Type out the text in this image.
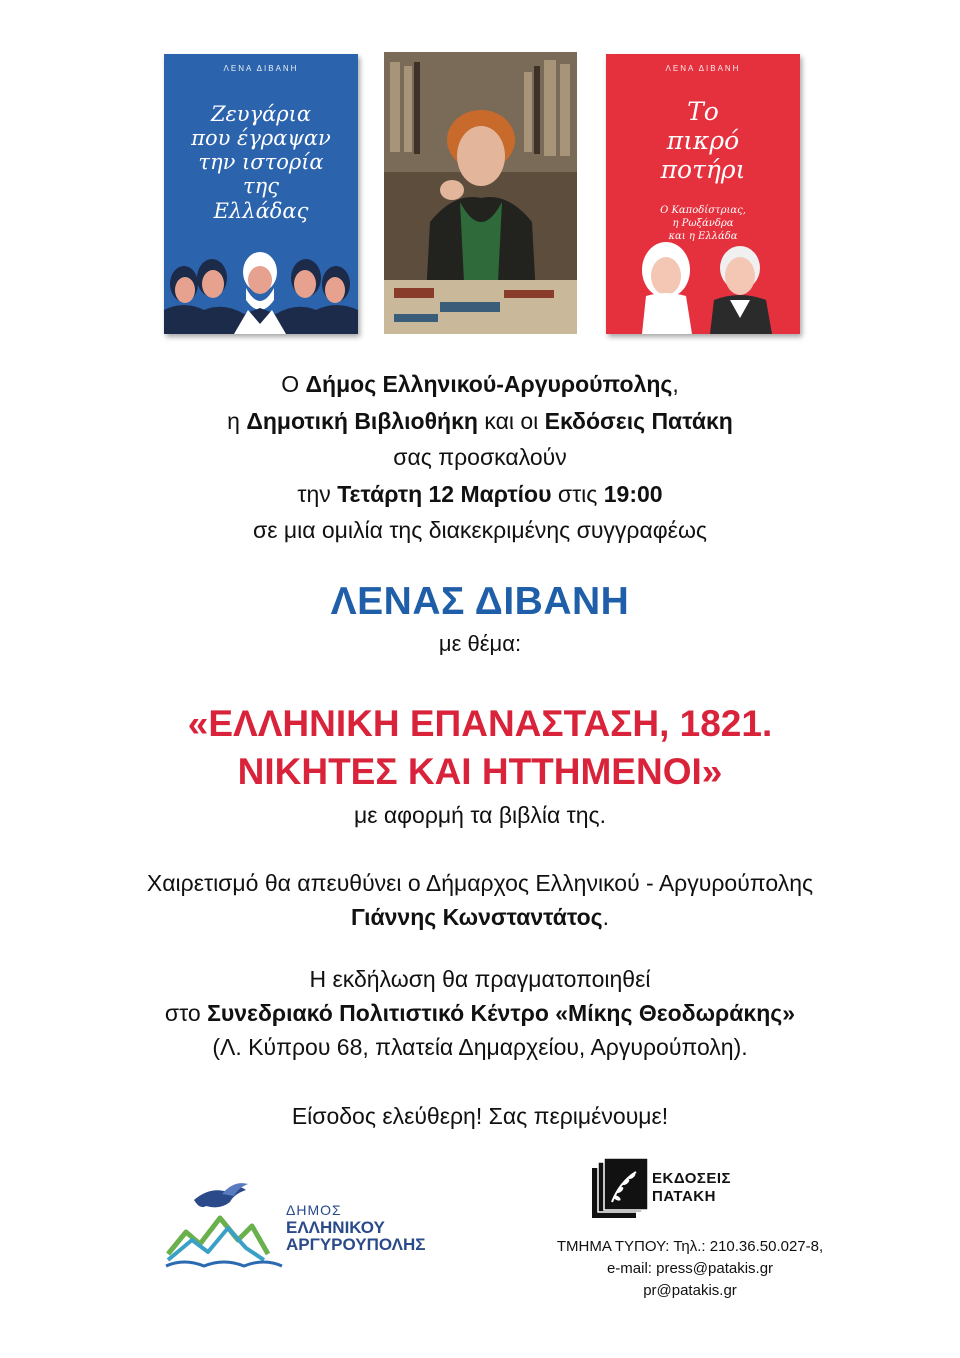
ΛΕΝΑ ΔΙΒΑΝΗ
Ζευγάρια
που έγραψαν
την ιστορία
της
Ελλάδας
ΛΕΝΑ ΔΙΒΑΝΗ
Το
πικρό
ποτήρι
Ο Καποδίστριας,
η Ρωξάνδρα
και η Ελλάδα
Ο Δήμος Ελληνικού-Αργυρούπολης,
η Δημοτική Βιβλιοθήκη και οι Εκδόσεις Πατάκη
σας προσκαλούν
την Τετάρτη 12 Μαρτίου στις 19:00
σε μια ομιλία της διακεκριμένης συγγραφέως
ΛΕΝΑΣ ΔΙΒΑΝΗ
με θέμα:
«ΕΛΛΗΝΙΚΗ ΕΠΑΝΑΣΤΑΣΗ, 1821.
ΝΙΚΗΤΕΣ ΚΑΙ ΗΤΤΗΜΕΝΟΙ»
με αφορμή τα βιβλία της.
Χαιρετισμό θα απευθύνει ο Δήμαρχος Ελληνικού - Αργυρούπολης
Γιάννης Κωνσταντάτος.
Η εκδήλωση θα πραγματοποιηθεί
στο Συνεδριακό Πολιτιστικό Κέντρο «Μίκης Θεοδωράκης»
(Λ. Κύπρου 68, πλατεία Δημαρχείου, Αργυρούπολη).
Είσοδος ελεύθερη! Σας περιμένουμε!
ΔΗΜΟΣ
ΕΛΛΗΝΙΚΟΥ
ΑΡΓΥΡΟΥΠΟΛΗΣ
ΕΚΔΟΣΕΙΣ
ΠΑΤΑΚΗ
ΤΜΗΜΑ ΤΥΠΟΥ: Τηλ.: 210.36.50.027-8,
e-mail: press@patakis.gr
pr@patakis.gr
